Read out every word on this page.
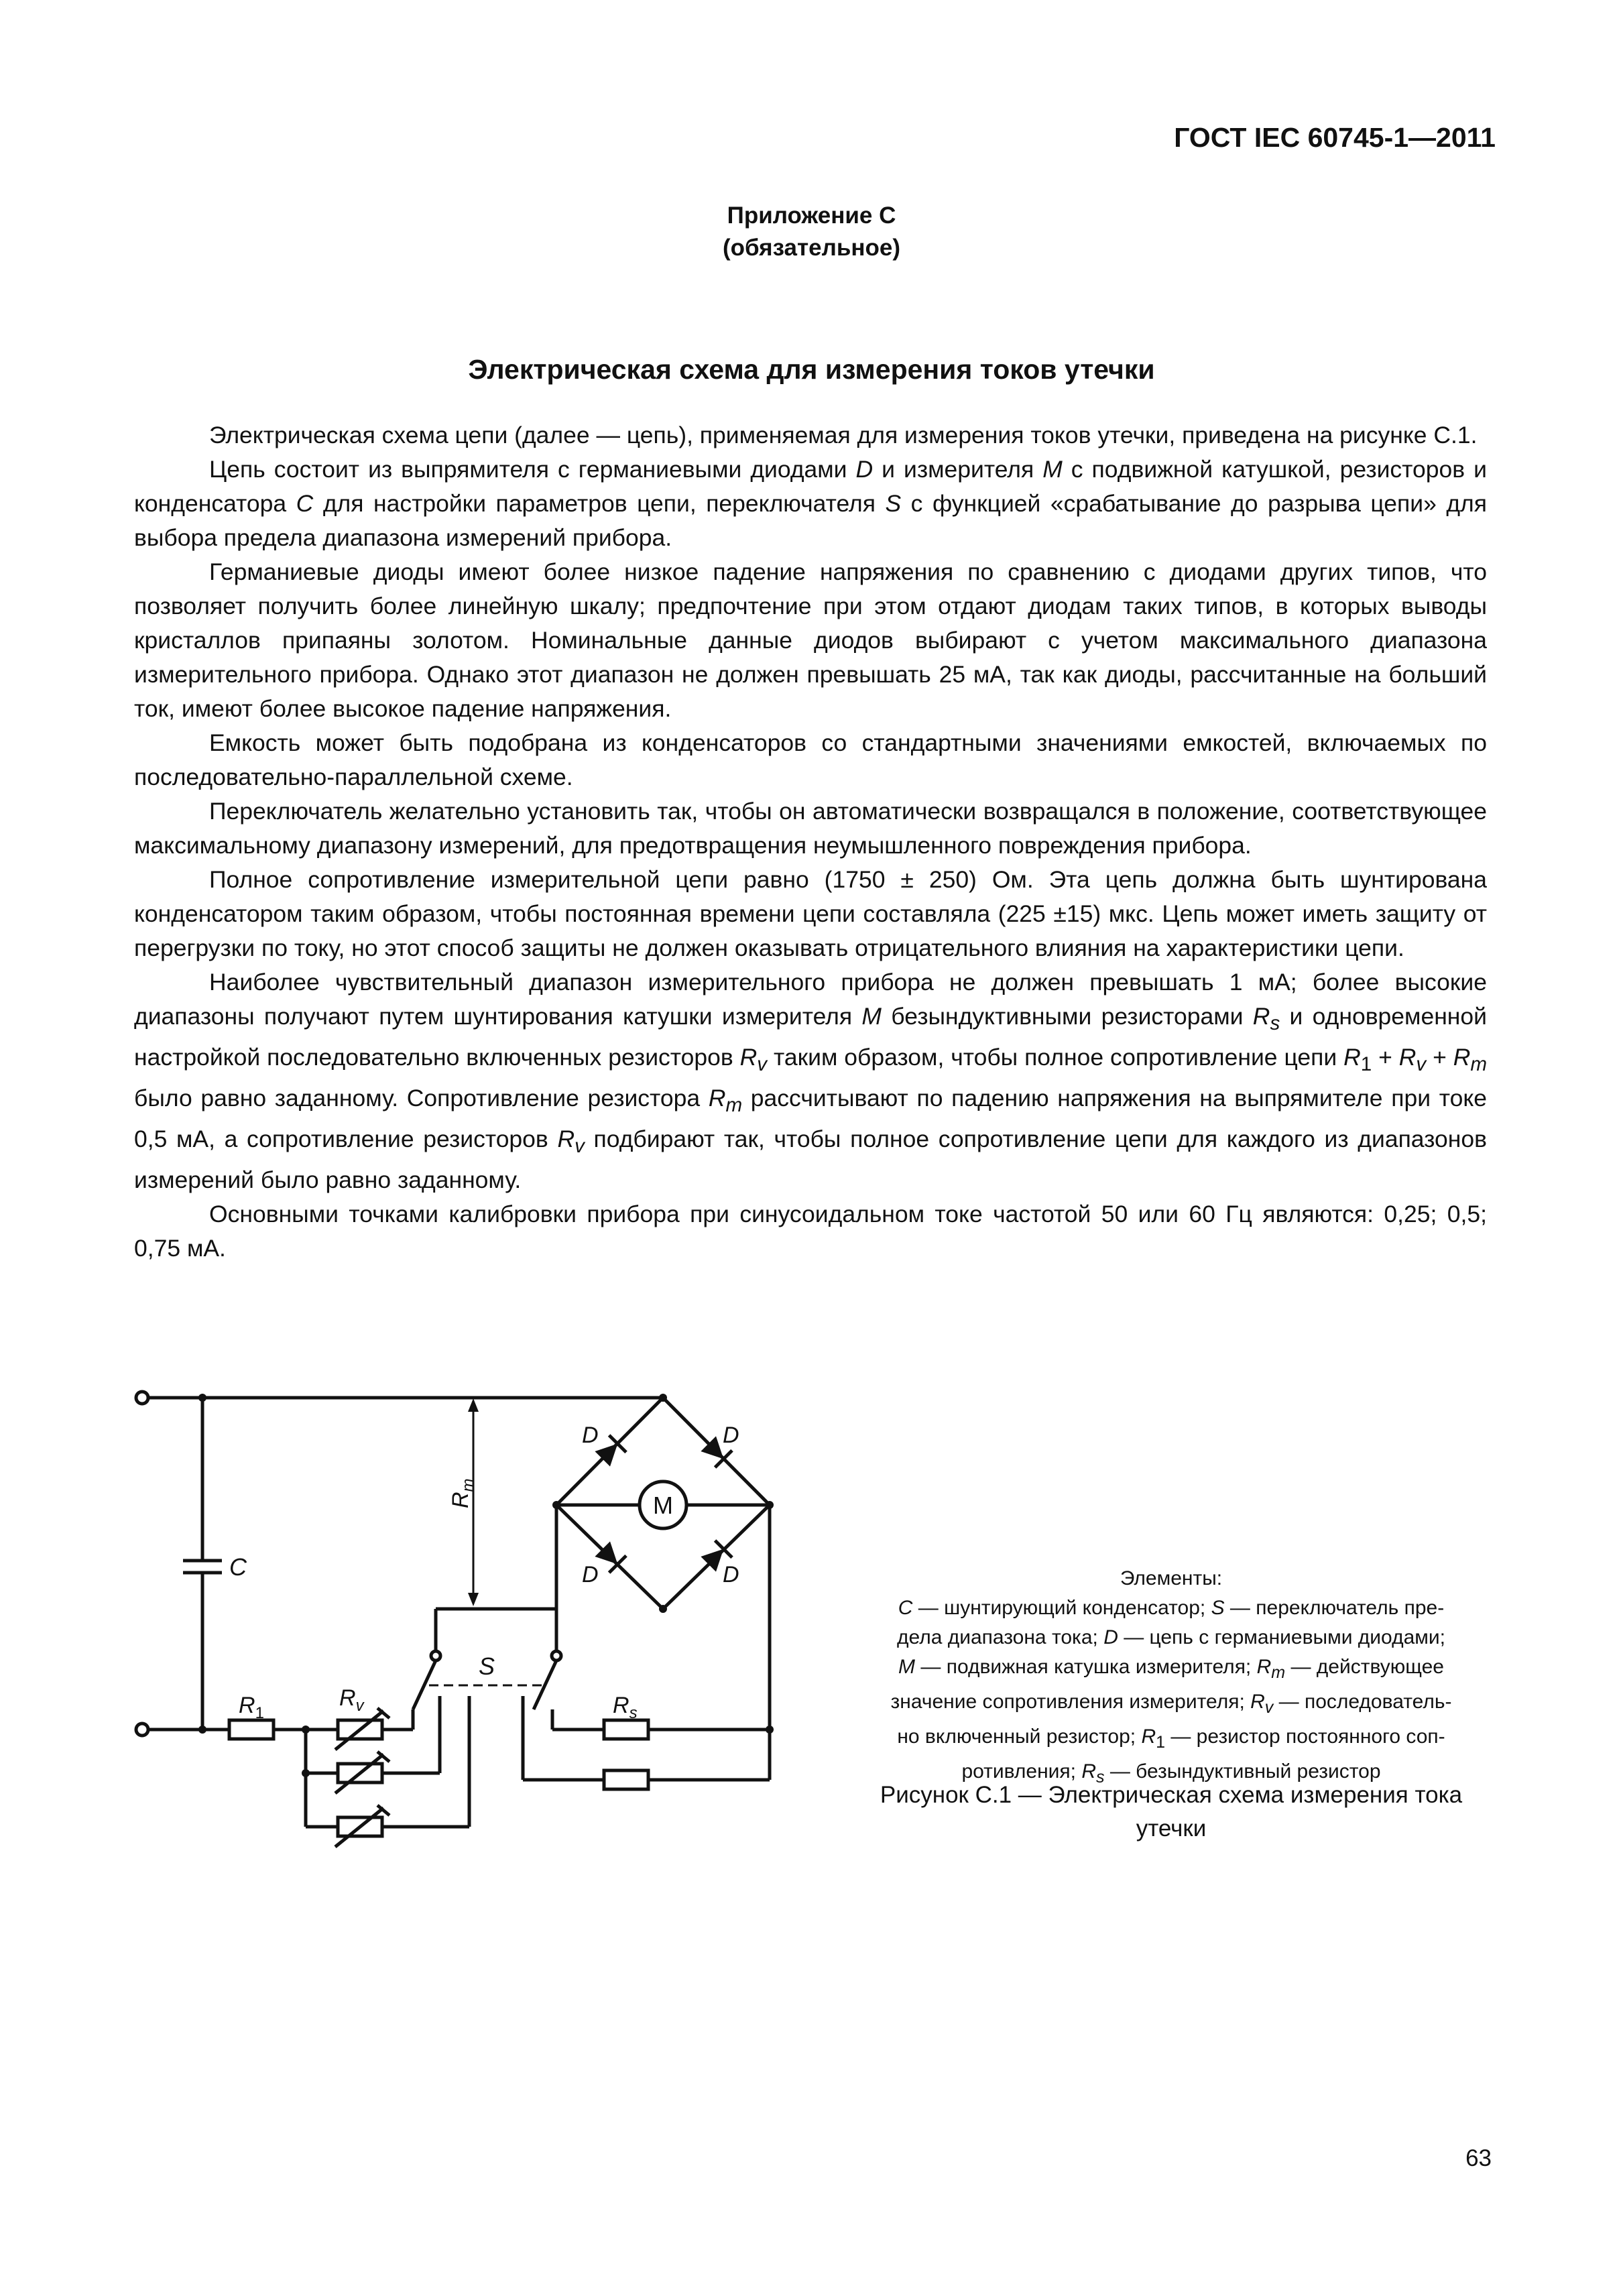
ГОСТ IEC 60745-1—2011
Приложение С
(обязательное)
Электрическая схема для измерения токов утечки

Электрическая схема цепи (далее — цепь), применяемая для измерения токов утечки, приведена на рисунке С.1.

Цепь состоит из выпрямителя с германиевыми диодами D и измерителя M с подвижной катушкой, резисторов и конденсатора C для настройки параметров цепи, переключателя S с функцией «срабатывание до разрыва цепи» для выбора предела диапазона измерений прибора.

Германиевые диоды имеют более низкое падение напряжения по сравнению с диодами других типов, что позволяет получить более линейную шкалу; предпочтение при этом отдают диодам таких типов, в которых выводы кристаллов припаяны золотом. Номинальные данные диодов выбирают с учетом максимального диапазона измерительного прибора. Однако этот диапазон не должен превышать 25 мА, так как диоды, рассчитанные на больший ток, имеют более высокое падение напряжения.

Емкость может быть подобрана из конденсаторов со стандартными значениями емкостей, включаемых по последовательно-параллельной схеме.

Переключатель желательно установить так, чтобы он автоматически возвращался в положение, соответствующее максимальному диапазону измерений, для предотвращения неумышленного повреждения прибора.

Полное сопротивление измерительной цепи равно (1750 ± 250) Ом. Эта цепь должна быть шунтирована конденсатором таким образом, чтобы постоянная времени цепи составляла (225 ±15) мкс. Цепь может иметь защиту от перегрузки по току, но этот способ защиты не должен оказывать отрицательного влияния на характеристики цепи.

Наиболее чувствительный диапазон измерительного прибора не должен превышать 1 мА; более высокие диапазоны получают путем шунтирования катушки измерителя M безындуктивными резисторами $R_s$ и одновременной настройкой последовательно включенных резисторов $R_v$ таким образом, чтобы полное сопротивление цепи $R_1 + R_v + R_m$ было равно заданному. Сопротивление резистора $R_m$ рассчитывают по падению напряжения на выпрямителе при токе 0,5 мА, а сопротивление резисторов $R_v$ подбирают так, чтобы полное сопротивление цепи для каждого из диапазонов измерений было равно заданному.

Основными точками калибровки прибора при синусоидальном токе частотой 50 или 60 Гц являются: 0,25; 0,5; 0,75 мА.

C
$R_1$
$R_v$
S
$R_m$
M
D	D
D	D
$R_s$
Элементы:
C — шунтирующий конденсатор; S — переключатель пре-
дела диапазона тока; D — цепь с германиевыми диодами;
M — подвижная катушка измерителя; $R_m$ — действующее
значение сопротивления измерителя; $R_v$ — последователь-
но включенный резистор; $R_1$ — резистор постоянного соп-
ротивления; $R_s$ — безындуктивный резистор
Рисунок С.1 — Электрическая схема измерения тока утечки
63
